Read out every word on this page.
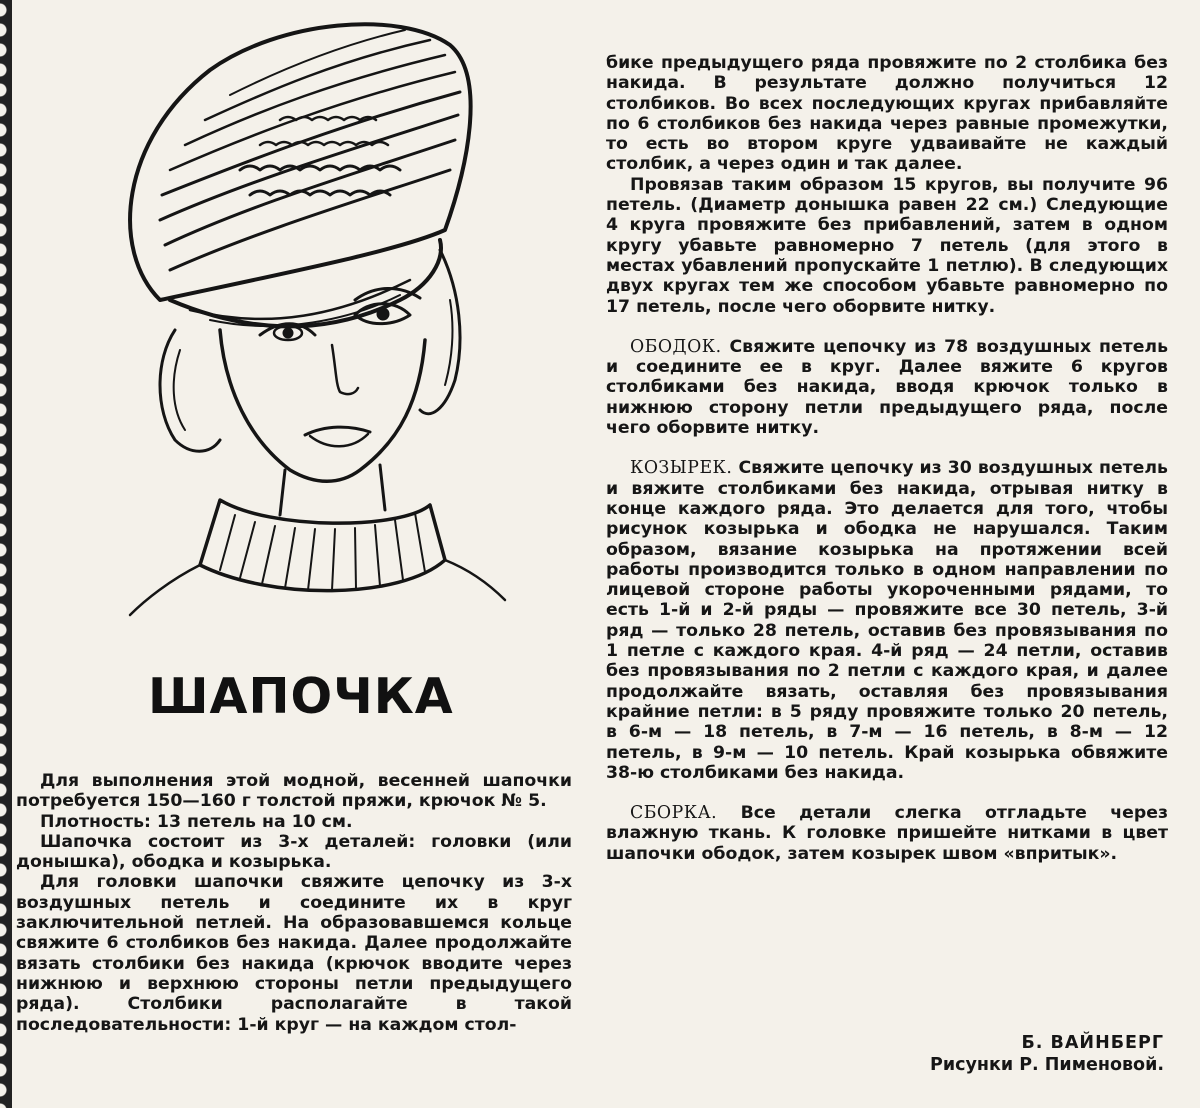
ШАПОЧКА

Для выполнения этой модной, весенней шапочки потребуется 150—160 г толстой пряжи, крючок № 5.

Плотность: 13 петель на 10 см.

Шапочка состоит из 3-х деталей: головки (или донышка), ободка и козырька.

Для головки шапочки свяжите цепочку из 3-х воздушных петель и соедините их в круг заключительной петлей. На образовавшемся кольце свяжите 6 столбиков без накида. Далее продолжайте вязать столбики без накида (крючок вводите через нижнюю и верхнюю стороны петли предыдущего ряда). Столбики располагайте в такой последовательности: 1-й круг — на каждом стол-

бике предыдущего ряда провяжите по 2 столбика без накида. В результате должно получиться 12 столбиков. Во всех последующих кругах прибавляйте по 6 столбиков без накида через равные промежутки, то есть во втором круге удваивайте не каждый столбик, а через один и так далее.

Провязав таким образом 15 кругов, вы получите 96 петель. (Диаметр донышка равен 22 см.) Следующие 4 круга провяжите без прибавлений, затем в одном кругу убавьте равномерно 7 петель (для этого в местах убавлений пропускайте 1 петлю). В следующих двух кругах тем же способом убавьте равномерно по 17 петель, после чего оборвите нитку.

ОБОДОК. Свяжите цепочку из 78 воздушных петель и соедините ее в круг. Далее вяжите 6 кругов столбиками без накида, вводя крючок только в нижнюю сторону петли предыдущего ряда, после чего оборвите нитку.

КОЗЫРЕК. Свяжите цепочку из 30 воздушных петель и вяжите столбиками без накида, отрывая нитку в конце каждого ряда. Это делается для того, чтобы рисунок козырька и ободка не нарушался. Таким образом, вязание козырька на протяжении всей работы производится только в одном направлении по лицевой стороне работы укороченными рядами, то есть 1-й и 2-й ряды — провяжите все 30 петель, 3-й ряд — только 28 петель, оставив без провязывания по 1 петле с каждого края. 4-й ряд — 24 петли, оставив без провязывания по 2 петли с каждого края, и далее продолжайте вязать, оставляя без провязывания крайние петли: в 5 ряду провяжите только 20 петель, в 6-м — 18 петель, в 7-м — 16 петель, в 8-м — 12 петель, в 9-м — 10 петель. Край козырька обвяжите 38-ю столбиками без накида.

СБОРКА. Все детали слегка отгладьте через влажную ткань. К головке пришейте нитками в цвет шапочки ободок, затем козырек швом «впритык».

Б. ВАЙНБЕРГ
Рисунки Р. Пименовой.
